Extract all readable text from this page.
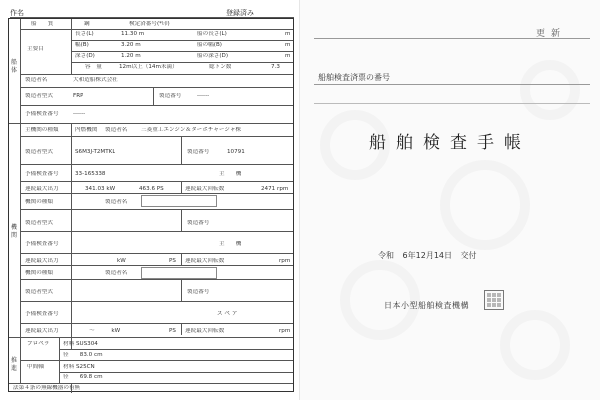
作名	登録済み
船体
機関
推進
船　　質	鋼	検定済番号(*印)
主要目
長さ(L)	11.30 m	船の長さ(L)	m
幅(B)	3.20 m	船の幅(B)	m
深さ(D)	1.20 m	船の深さ(D)	m
容　量	12m以上（14m未満）	総トン数	7.3
製造者名	大和造船株式会社
製造者型式	FRP	製造番号	------
予備検査番号	------
主機関の種類	内燃機関 製造者名 三菱重工エンジン＆ターボチャージャ株
製造者型式	S6M3J-T2MTKL	製造番号	10791
予備検査番号	33-165338	主　　機
連続最大出力	341.03 kW	463.6 PS	連続最大回転数	2471 rpm
機関の種類	製造者名
製造者型式	製造番号
予備検査番号	主　　機
連続最大出力	kW	PS 連続最大回転数	rpm
機関の種類	製造者名
製造者型式	製造番号
予備検査番号	ス ペ ア
連続最大出力	〜　　　kW	PS 連続最大回転数	rpm
プロペラ 材料 SUS304
径　　83.0 cm
中間軸	材料 S25CN
径　　69.8 cm
法第４条の無線機器の有無
更新
船舶検査済票の番号
船舶検査手帳
令和 6年12月14日 交付
日本小型船舶検査機構
